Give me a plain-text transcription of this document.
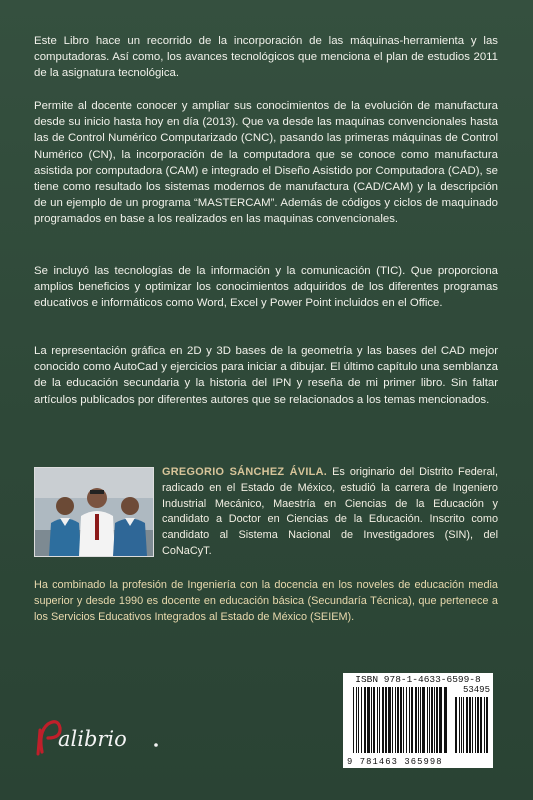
Este Libro hace un recorrido de la incorporación de las máquinas-herramienta y las computadoras. Así como, los avances tecnológicos que menciona el plan de estudios 2011 de la asignatura tecnológica.

Permite al docente conocer y ampliar sus conocimientos de la evolución de manufactura desde su inicio hasta hoy en día (2013). Que va desde las maquinas convencionales hasta las de Control Numérico Computarizado (CNC), pasando las primeras máquinas de Control Numérico (CN), la incorporación de la computadora que se conoce como manufactura asistida por computadora (CAM) e integrado el Diseño Asistido por Computadora (CAD), se tiene como resultado los sistemas modernos de manufactura (CAD/CAM) y la descripción de un ejemplo de un programa “MASTERCAM”. Además de códigos y ciclos de maquinado programados en base a los realizados en las maquinas convencionales.

Se incluyó las tecnologías de la información y la comunicación (TIC). Que proporciona amplios beneficios y optimizar los conocimientos adquiridos de los diferentes programas educativos e informáticos como Word, Excel y Power Point incluidos en el Office.

La representación gráfica en 2D y 3D bases de la geometría y las bases del CAD mejor conocido como AutoCad y ejercicios para iniciar a dibujar. El último capítulo una semblanza de la educación secundaria y la historia del IPN y reseña de mi primer libro. Sin faltar artículos publicados por diferentes autores que se relacionados a los temas mencionados.

GREGORIO SÁNCHEZ ÁVILA. Es originario del Distrito Federal, radicado en el Estado de México, estudió la carrera de Ingeniero Industrial Mecánico, Maestría en Ciencias de la Educación y candidato a Doctor en Ciencias de la Educación. Inscrito como candidato al Sistema Nacional de Investigadores (SIN), del CoNaCyT.

Ha combinado la profesión de Ingeniería con la docencia en los noveles de educación media superior y desde 1990 es docente en educación básica (Secundaría Técnica), que pertenece a los Servicios Educativos Integrados al Estado de México (SEIEM).

ISBN 978-1-4633-6599-8
53495
9 781463 365998
alibrio
